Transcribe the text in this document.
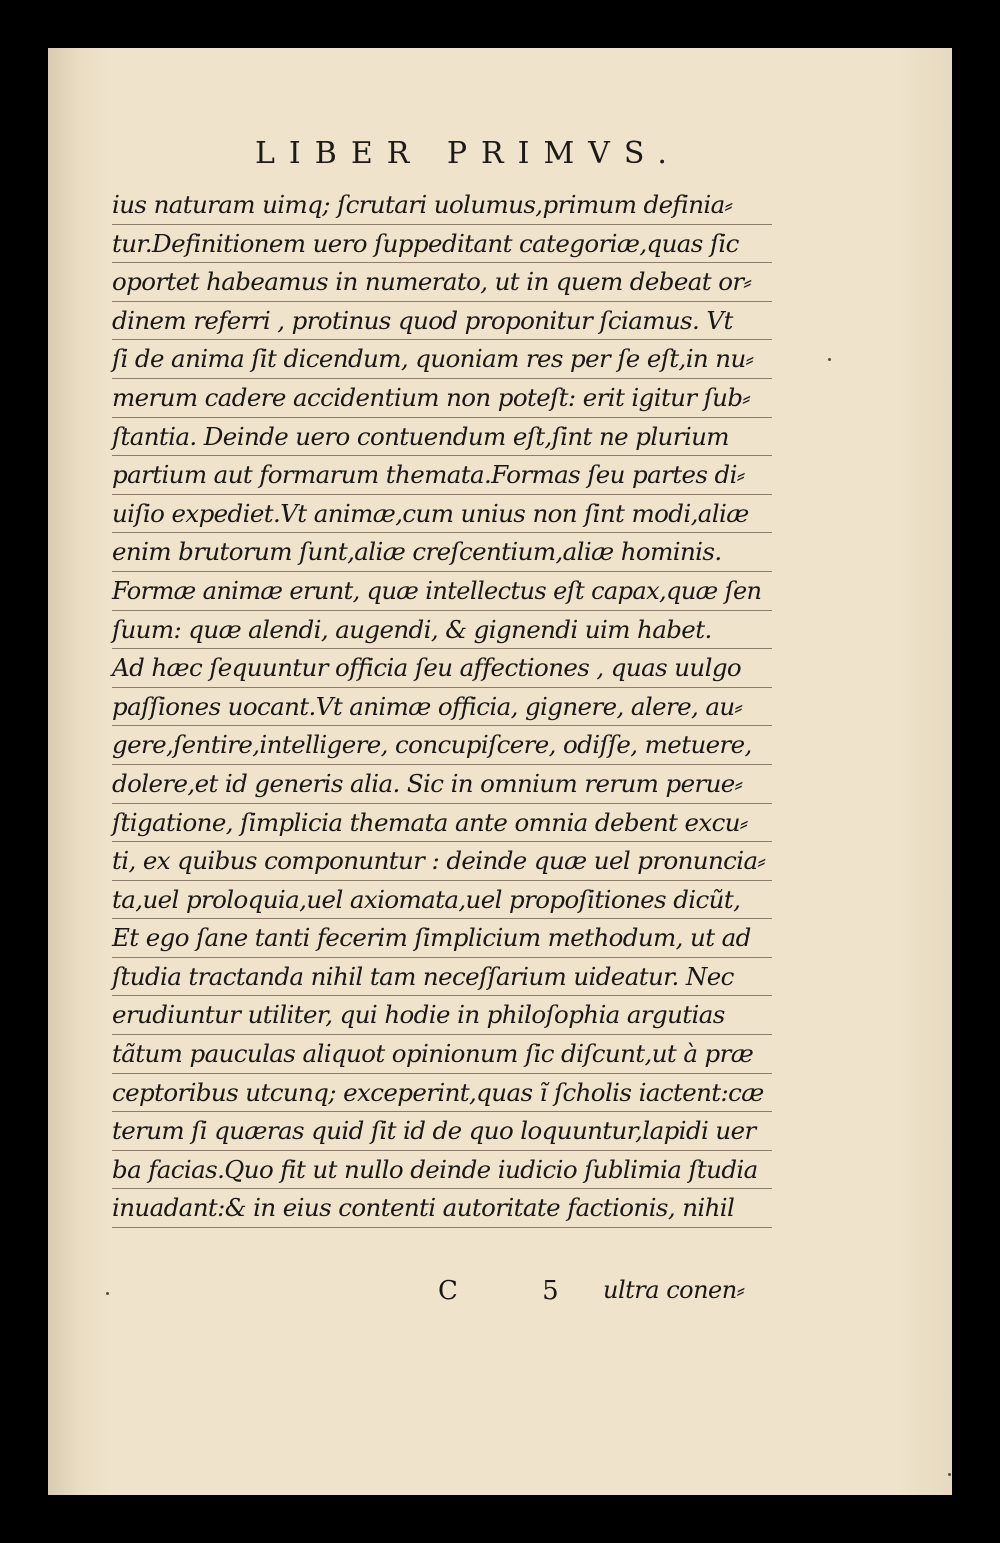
LIBER PRIMVS.
ius naturam uimq; ſcrutari uolumus,primum definia⸗
tur.Definitionem uero ſuppeditant categoriæ,quas ſic
oportet habeamus in numerato, ut in quem debeat or⸗
dinem referri , protinus quod proponitur ſciamus. Vt
ſi de anima ſit dicendum, quoniam res per ſe eſt,in nu⸗
merum cadere accidentium non poteſt: erit igitur ſub⸗
ſtantia. Deinde uero contuendum eſt,ſint ne plurium
partium aut formarum themata.Formas ſeu partes di⸗
uiſio expediet.Vt animæ,cum unius non ſint modi,aliæ
enim brutorum ſunt,aliæ creſcentium,aliæ hominis.
Formæ animæ erunt, quæ intellectus eſt capax,quæ ſen
ſuum: quæ alendi, augendi, & gignendi uim habet.
Ad hæc ſequuntur officia ſeu affectiones , quas uulgo
paſſiones uocant.Vt animæ officia, gignere, alere, au⸗
gere,ſentire,intelligere, concupiſcere, odiſſe, metuere,
dolere,et id generis alia. Sic in omnium rerum peruе⸗
ſtigatione, ſimplicia themata ante omnia debent excu⸗
ti, ex quibus componuntur : deinde quæ uel pronuncia⸗
ta,uel proloquia,uel axiomata,uel propoſitiones dicũt,
Et ego ſane tanti fecerim ſimplicium methodum, ut ad
ſtudia tractanda nihil tam neceſſarium uideatur. Nec
erudiuntur utiliter, qui hodie in philoſophia argutias
tãtum pauculas aliquot opinionum ſic diſcunt,ut à præ
ceptoribus utcunq; exceperint,quas ĩ ſcholis iactent:cæ
terum ſi quæras quid ſit id de quo loquuntur,lapidi uer
ba facias.Quo fit ut nullo deinde iudicio ſublimia ſtudia
inuadant:& in eius contenti autoritate factionis, nihil
C 5 ultra conen⸗
